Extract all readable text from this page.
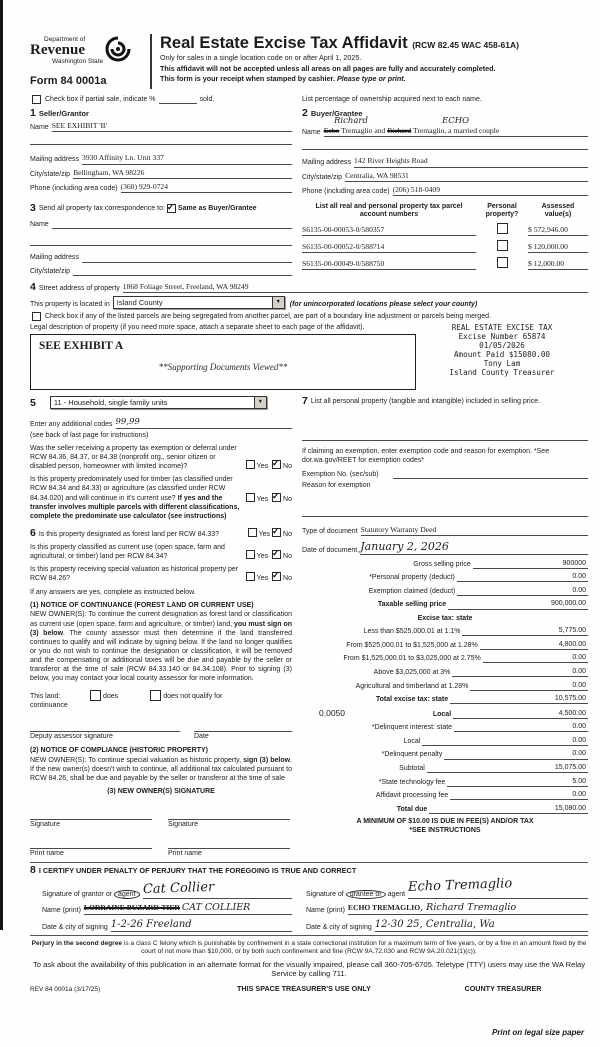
Department of
Revenue
Washington State
Form 84 0001a
Real Estate Excise Tax Affidavit (RCW 82.45 WAC 458-61A)
Only for sales in a single location code on or after April 1, 2025.
This affidavit will not be accepted unless all areas on all pages are fully and accurately completed.
This form is your receipt when stamped by cashier. Please type or print.
Check box if partial sale, indicate %	sold.	List percentage of ownership acquired next to each name.
1 Seller/Grantor
Name SEE EXHIBIT 'B'

Mailing address 3930 Affinity Ln. Unit 337
City/state/zip Bellingham, WA 98226
Phone (including area code) (360) 929-0724
2 Buyer/Grantee
Richard	ECHO
Name Echo Tremaglio and Richard Tremaglio, a married couple

Mailing address 142 River Heights Road
City/state/zip Centralia, WA 98531
Phone (including area code) (206) 518-0409
3 Send all property tax correspondence to: ✓ Same as Buyer/Grantee
Name

Mailing address

City/state/zip

List all real and personal property tax parcel account numbers
Personal property?
Assessed value(s)
S6135-00-00053-0/580357	$ 572,946.00
S6135-00-00052-0/588714	$ 120,000.00
S6135-00-00049-0/588750	$ 12,000.00
4 Street address of property 1868 Foliage Street, Freeland, WA 98249
This property is located in Island County	▼	(for unincorporated locations please select your county)
Check box if any of the listed parcels are being segregated from another parcel, are part of a boundary line adjustment or parcels being merged.
Legal description of property (if you need more space, attach a separate sheet to each page of the affidavit).
SEE EXHIBIT A
**Supporting Documents Viewed**
REAL ESTATE EXCISE TAX
Excise Number 65874
01/05/2026
Amount Paid $15080.00
Tony Lam
Island County Treasurer
5	11 - Household, single family units	▼
Enter any additional codes 99,99
(see back of last page for instructions)
Was the seller receiving a property tax exemption or deferral under RCW 84.36, 84.37, or 84.38 (nonprofit org., senior citizen or disabled person, homeowner with limited income)?	Yes ✓ No
Is this property predominately used for timber (as classified under RCW 84.34 and 84.33) or agriculture (as classified under RCW 84.34.020) and will continue in it's current use? If yes and the transfer involves multiple parcels with different classifications, complete the predominate use calculator (see instructions)
Yes ✓ No
6 Is this property designated as forest land per RCW 84.33?	Yes ✓ No
Is this property classified as current use (open space, farm and agricultural, or timber) land per RCW 84.34?	Yes ✓ No
Is this property receiving special valuation as historical property per RCW 84.26?	Yes ✓ No
If any answers are yes, complete as instructed below.
(1) NOTICE OF CONTINUANCE (FOREST LAND OR CURRENT USE)
NEW OWNER(S): To continue the current designation as forest land or classification as current use (open space, farm and agriculture, or timber) land, you must sign on (3) below. The county assessor must then determine if the land transferred continues to qualify and will indicate by signing below. If the land no longer qualifies or you do not wish to continue the designation or classification, it will be removed and the compensating or additional taxes will be due and payable by the seller or transferor at the time of sale (RCW 84.33.140 or 84.34.108). Prior to signing (3) below, you may contact your local county assessor for more information.
This land:	does	does not qualify for
continuance

Deputy assessor signature	Date
(2) NOTICE OF COMPLIANCE (HISTORIC PROPERTY)
NEW OWNER(S): To continue special valuation as historic property, sign (3) below. If the new owner(s) doesn't wish to continue, all additional tax calculated pursuant to RCW 84.26, shall be due and payable by the seller or transferor at the time of sale
(3) NEW OWNER(S) SIGNATURE

Signature	Signature

Print name	Print name
7 List all personal property (tangible and intangible) included in selling price.
If claiming an exemption, enter exemption code and reason for exemption. *See dor.wa.gov/REET for exemption codes*
Exemption No. (sec/sub)

Reason for exemption
Type of document Statutory Warranty Deed
Date of document January 2, 2026
Gross selling price	900000
*Personal property (deduct)	0.00
Exemption claimed (deduct)	0.00
Taxable selling price	900,000.00
Excise tax: state
Less than $525,000.01 at 1.1%	5,775.00
From $525,000.01 to $1,525,000 at 1.28%	4,800.00
From $1,525,000.01 to $3,025,000 at 2.75%	0.00
Above $3,025,000 at 3%	0.00
Agricultural and timberland at 1.28%	0.00
Total excise tax: state	10,575.00
0.0050	Local	4,500.00
*Delinquent interest: state	0.00
Local	0.00
*Delinquent penalty	0.00
Subtotal	15,075.00
*State technology fee	5.00
Affidavit processing fee	0.00
Total due	15,080.00
A MINIMUM OF $10.00 IS DUE IN FEE(S) AND/OR TAX
*SEE INSTRUCTIONS
8 I CERTIFY UNDER PENALTY OF PERJURY THAT THE FOREGOING IS TRUE AND CORRECT
Signature of grantor or agent Cat Collier
Name (print) LORRAINE BUZARD-TIER CAT COLLIER
Date & city of signing 1-2-26 Freeland
Signature of grantee or agent Echo Tremaglio
Name (print) ECHO TREMAGLIO, Richard Tremaglio
Date & city of signing 12-30 25, Centralia, Wa
Perjury in the second degree is a class C felony which is punishable by confinement in a state correctional institution for a maximum term of five years, or by a fine in an amount fixed by the court of not more than $10,000, or by both such confinement and fine (RCW 9A.72.030 and RCW 9A.20.021(1)(c)).
To ask about the availability of this publication in an alternate format for the visually impaired, please call 360-705-6705. Teletype (TTY) users may use the WA Relay Service by calling 711.
REV 84 0001a (3/17/25)	THIS SPACE TREASURER'S USE ONLY	COUNTY TREASURER
Print on legal size paper
